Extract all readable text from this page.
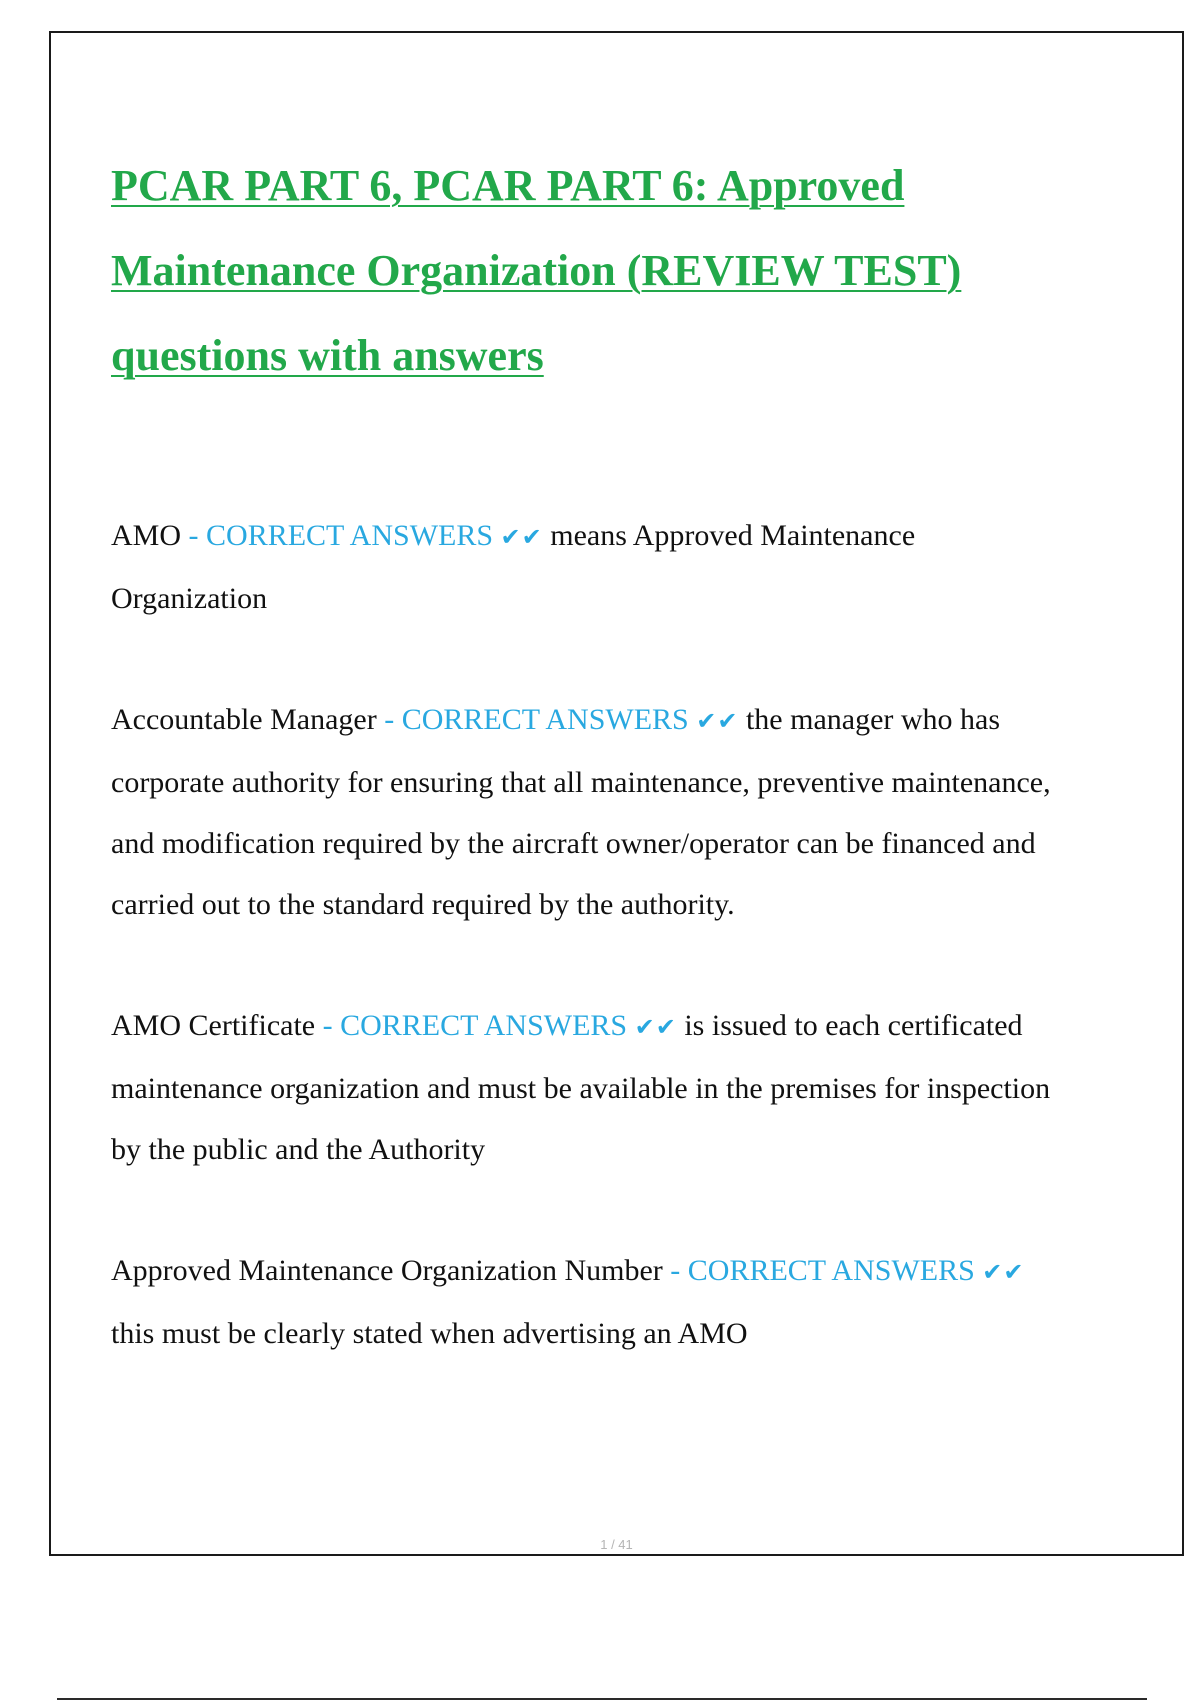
PCAR PART 6, PCAR PART 6: Approved Maintenance Organization (REVIEW TEST) questions with answers

AMO - CORRECT ANSWERS ✔✔ means Approved Maintenance Organization

Accountable Manager - CORRECT ANSWERS ✔✔ the manager who has corporate authority for ensuring that all maintenance, preventive maintenance, and modification required by the aircraft owner/operator can be financed and carried out to the standard required by the authority.

AMO Certificate - CORRECT ANSWERS ✔✔ is issued to each certificated maintenance organization and must be available in the premises for inspection by the public and the Authority

Approved Maintenance Organization Number - CORRECT ANSWERS ✔✔ this must be clearly stated when advertising an AMO

1 / 41
